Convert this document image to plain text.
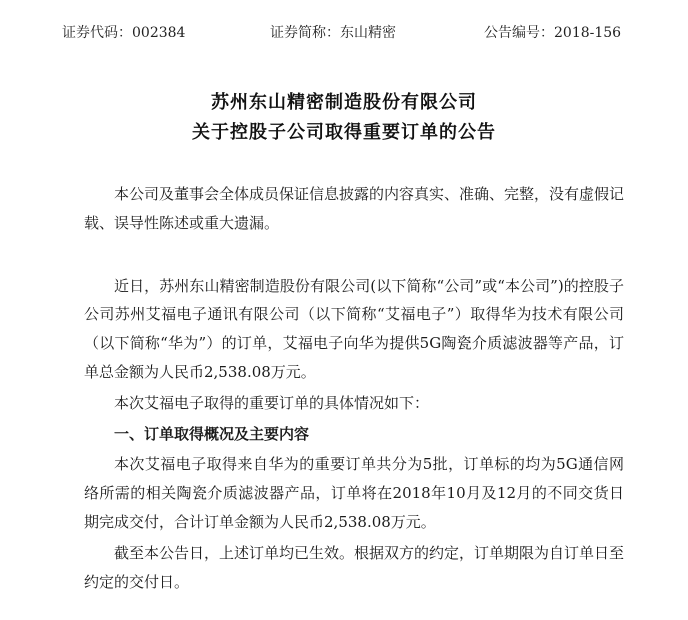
证券代码：002384	证券简称：东山精密	公告编号：2018-156
苏州东山精密制造股份有限公司
关于控股子公司取得重要订单的公告

本公司及董事会全体成员保证信息披露的内容真实、准确、完整，没有虚假记载、误导性陈述或重大遗漏。

近日，苏州东山精密制造股份有限公司(以下简称“公司”或“本公司”)的控股子公司苏州艾福电子通讯有限公司（以下简称“艾福电子”）取得华为技术有限公司（以下简称“华为”）的订单，艾福电子向华为提供5G陶瓷介质滤波器等产品，订单总金额为人民币2,538.08万元。

本次艾福电子取得的重要订单的具体情况如下：

一、订单取得概况及主要内容

本次艾福电子取得来自华为的重要订单共分为5批，订单标的均为5G通信网络所需的相关陶瓷介质滤波器产品，订单将在2018年10月及12月的不同交货日期完成交付，合计订单金额为人民币2,538.08万元。

截至本公告日，上述订单均已生效。根据双方的约定，订单期限为自订单日至约定的交付日。
